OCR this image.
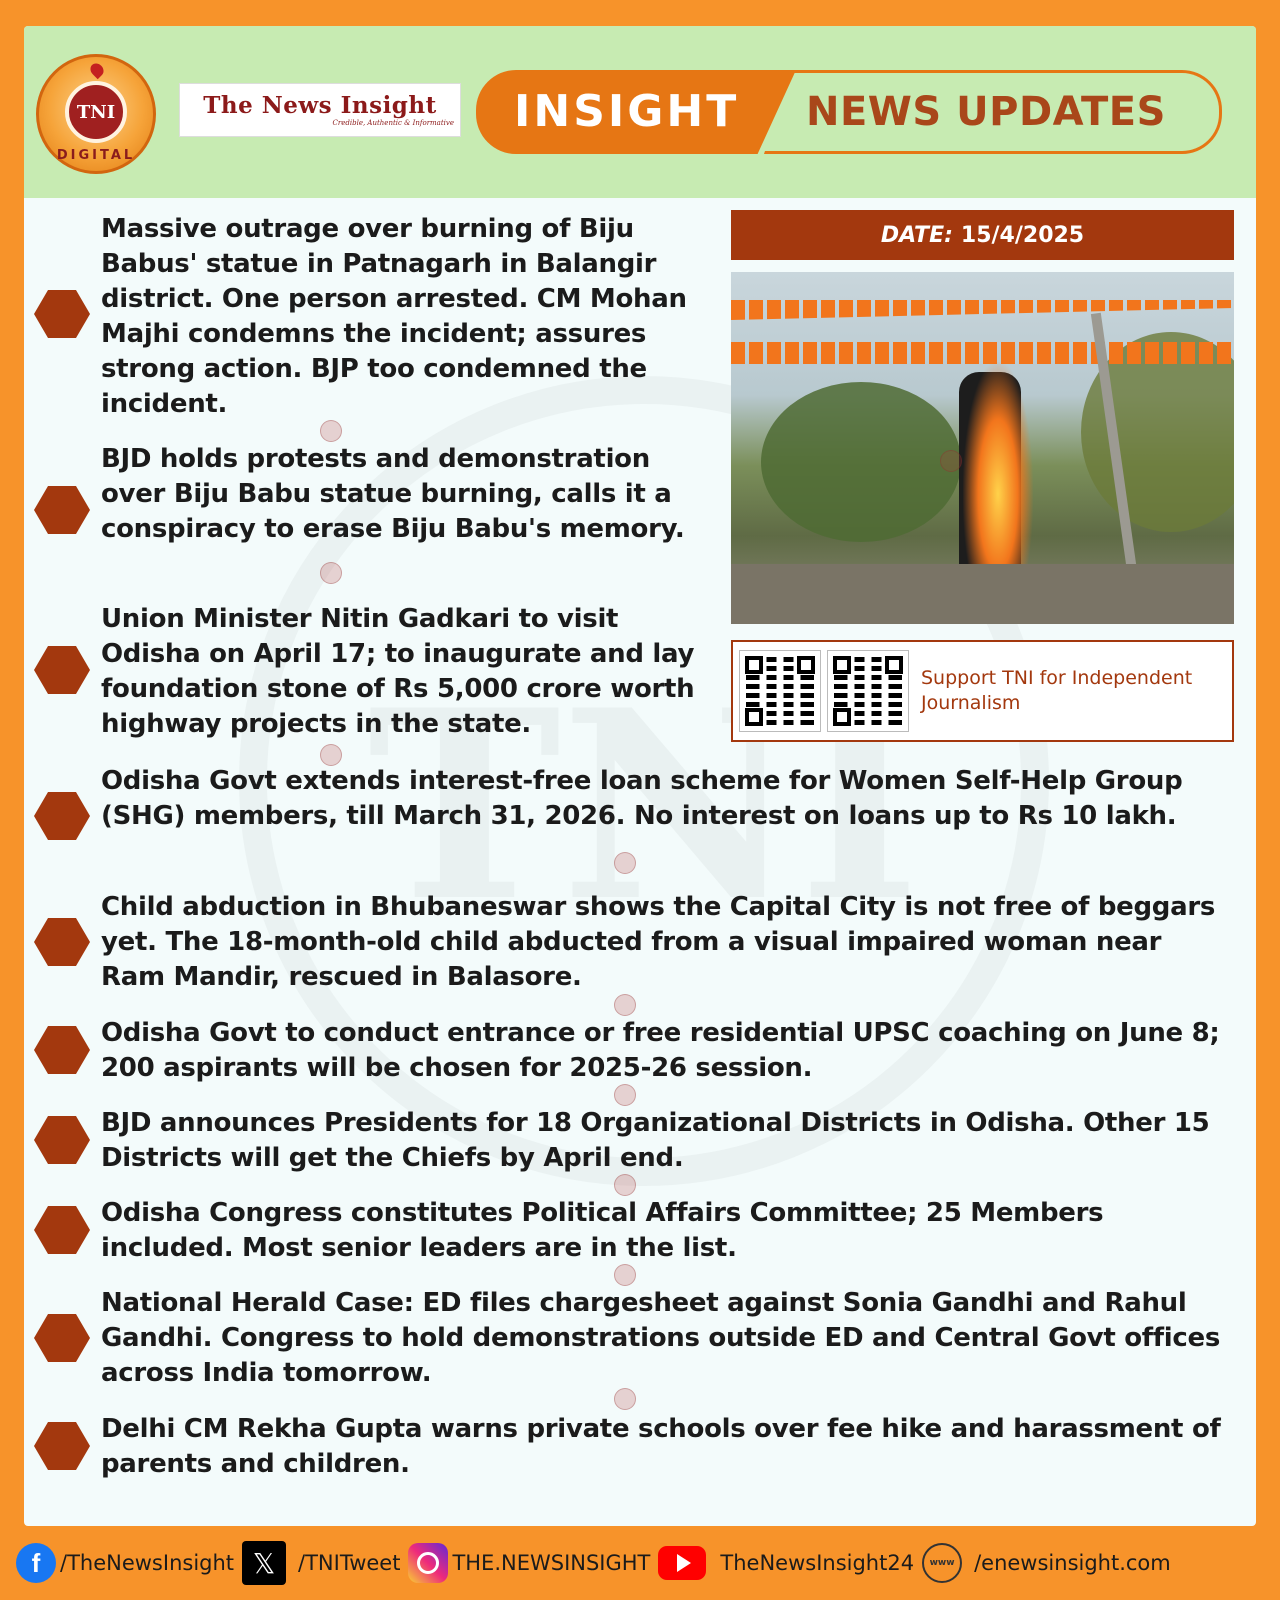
TNI
DIGITAL
The News Insight
Credible, Authentic & Informative INSIGHT NEWS UPDATES
DATE: 15/4/2025
Support TNI for Independent Journalism
Massive outrage over burning of Biju Babus' statue in Patnagarh in Balangir district. One person arrested. CM Mohan Majhi condemns the incident; assures strong action. BJP too condemned the incident.
BJD holds protests and demonstration over Biju Babu statue burning, calls it a conspiracy to erase Biju Babu's memory.
Union Minister Nitin Gadkari to visit Odisha on April 17; to inaugurate and lay foundation stone of Rs 5,000 crore worth highway projects in the state.
Odisha Govt extends interest-free loan scheme for Women Self-Help Group (SHG) members, till March 31, 2026. No interest on loans up to Rs 10 lakh.
Child abduction in Bhubaneswar shows the Capital City is not free of beggars yet. The 18-month-old child abducted from a visual impaired woman near Ram Mandir, rescued in Balasore.
Odisha Govt to conduct entrance or free residential UPSC coaching on June 8; 200 aspirants will be chosen for 2025-26 session.
BJD announces Presidents for 18 Organizational Districts in Odisha. Other 15 Districts will get the Chiefs by April end.
Odisha Congress constitutes Political Affairs Committee; 25 Members included. Most senior leaders are in the list.
National Herald Case: ED files chargesheet against Sonia Gandhi and Rahul Gandhi. Congress to hold demonstrations outside ED and Central Govt offices across India tomorrow.
Delhi CM Rekha Gupta warns private schools over fee hike and harassment of parents and children.
f /TheNewsInsight 𝕏	/TNITweet THE.NEWSINSIGHT	TheNewsInsight24	www /enewsinsight.com
